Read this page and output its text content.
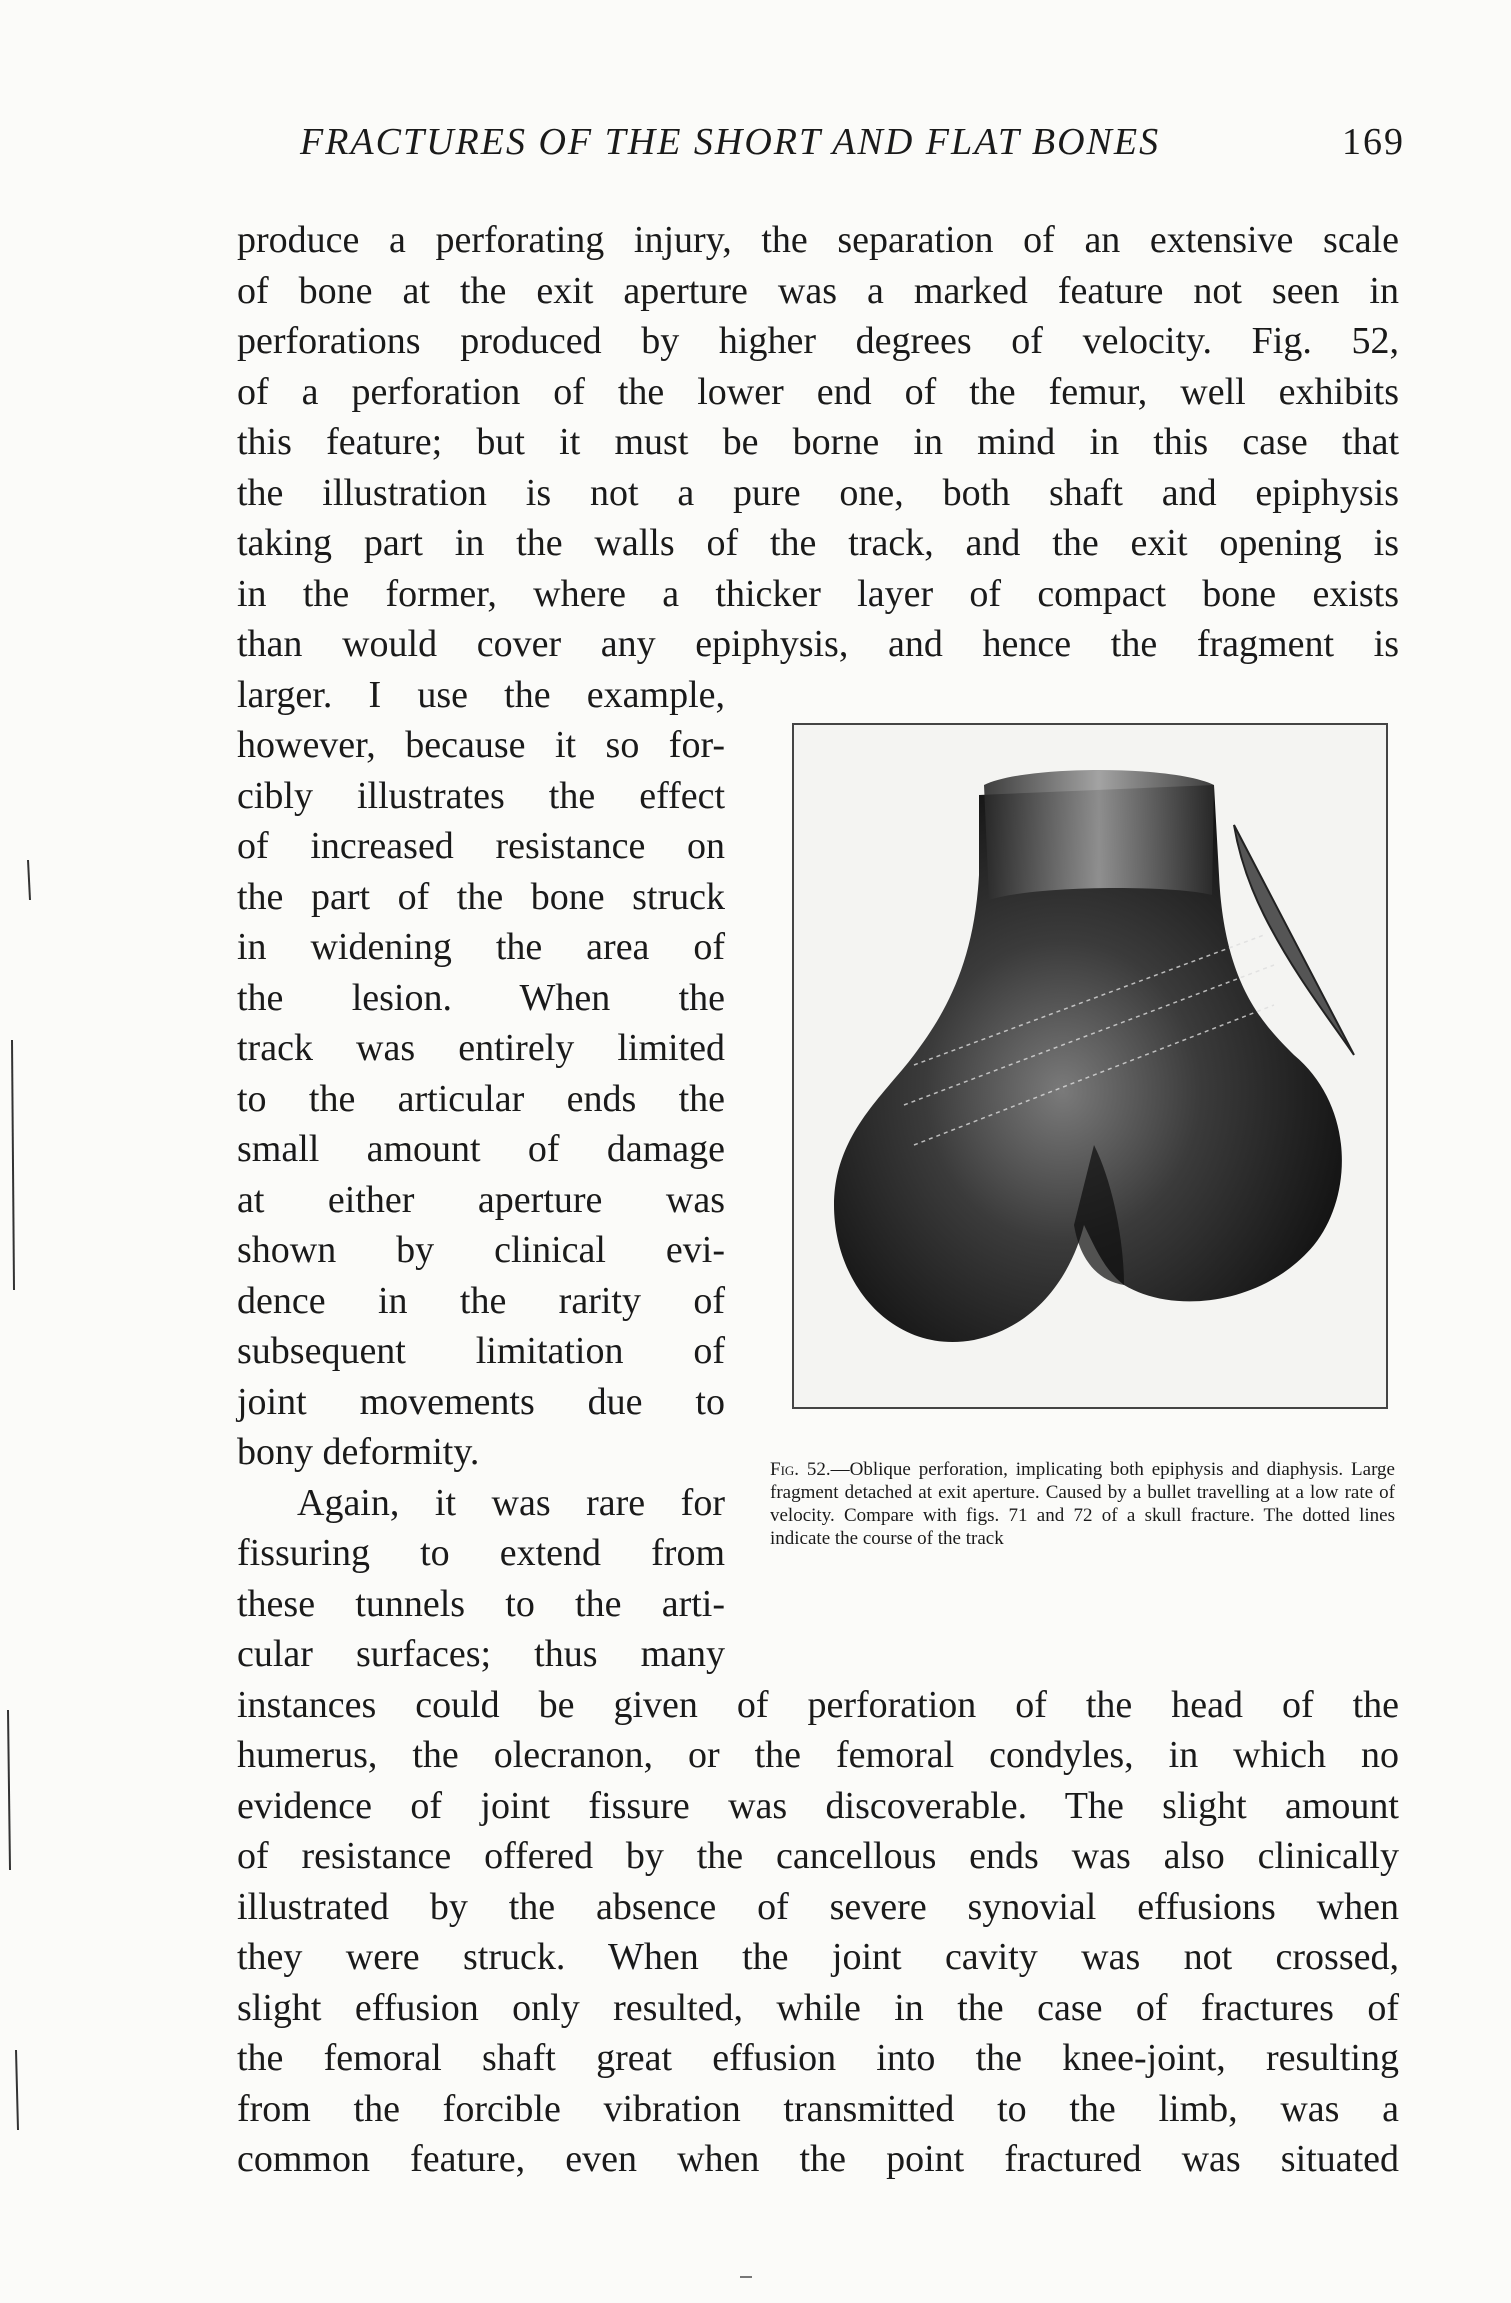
FRACTURES OF THE SHORT AND FLAT BONES	169
produce a perforating injury, the separation of an extensive scale
of bone at the exit aperture was a marked feature not seen in
perforations produced by higher degrees of velocity. Fig. 52,
of a perforation of the lower end of the femur, well exhibits
this feature; but it must be borne in mind in this case that
the illustration is not a pure one, both shaft and epiphysis
taking part in the walls of the track, and the exit opening is
in the former, where a thicker layer of compact bone exists
than would cover any epiphysis, and hence the fragment is
larger. I use the example,
however, because it so for-
cibly illustrates the effect
of increased resistance on
the part of the bone struck
in widening the area of
the lesion. When the
track was entirely limited
to the articular ends the
small amount of damage
at either aperture was
shown by clinical evi-
dence in the rarity of
subsequent limitation of
joint movements due to
bony deformity.
Again, it was rare for
fissuring to extend from
these tunnels to the arti-
cular surfaces; thus many
instances could be given of perforation of the head of the
humerus, the olecranon, or the femoral condyles, in which no
evidence of joint fissure was discoverable. The slight amount
of resistance offered by the cancellous ends was also clinically
illustrated by the absence of severe synovial effusions when
they were struck. When the joint cavity was not crossed,
slight effusion only resulted, while in the case of fractures of
the femoral shaft great effusion into the knee-joint, resulting
from the forcible vibration transmitted to the limb, was a
common feature, even when the point fractured was situated
Fig. 52.—Oblique perforation, implicating both epiphysis and diaphysis. Large fragment detached at exit aperture. Caused by a bullet travelling at a low rate of velocity. Compare with figs. 71 and 72 of a skull fracture. The dotted lines indicate the course of the track
